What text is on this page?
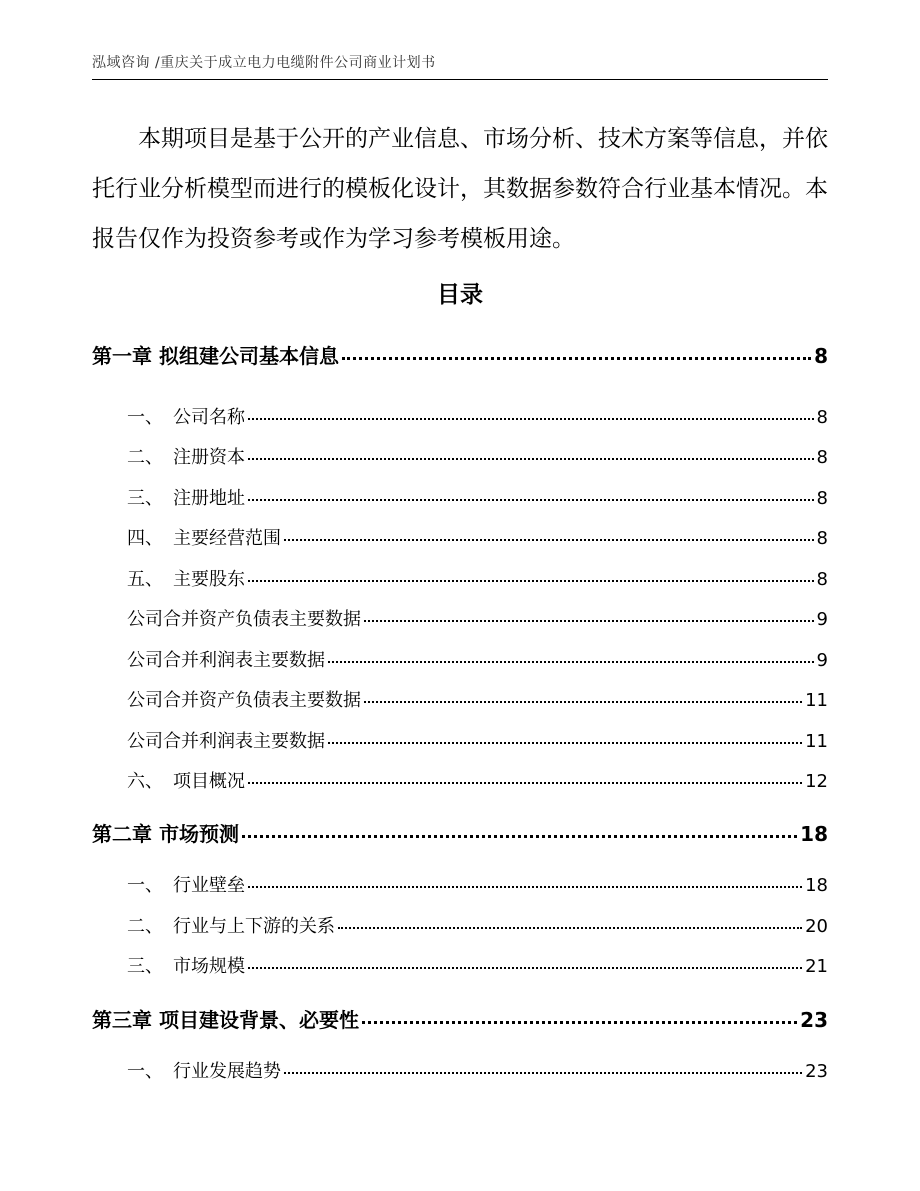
泓域咨询 /重庆关于成立电力电缆附件公司商业计划书

本期项目是基于公开的产业信息、市场分析、技术方案等信息，并依托行业分析模型而进行的模板化设计，其数据参数符合行业基本情况。本报告仅作为投资参考或作为学习参考模板用途。

目录
第一章 拟组建公司基本信息	8
一、 公司名称	8
二、 注册资本	8
三、 注册地址	8
四、 主要经营范围	8
五、 主要股东	8
公司合并资产负债表主要数据	9
公司合并利润表主要数据	9
公司合并资产负债表主要数据	11
公司合并利润表主要数据	11
六、 项目概况	12
第二章 市场预测	18
一、 行业壁垒	18
二、 行业与上下游的关系	20
三、 市场规模	21
第三章 项目建设背景、必要性	23
一、 行业发展趋势	23
